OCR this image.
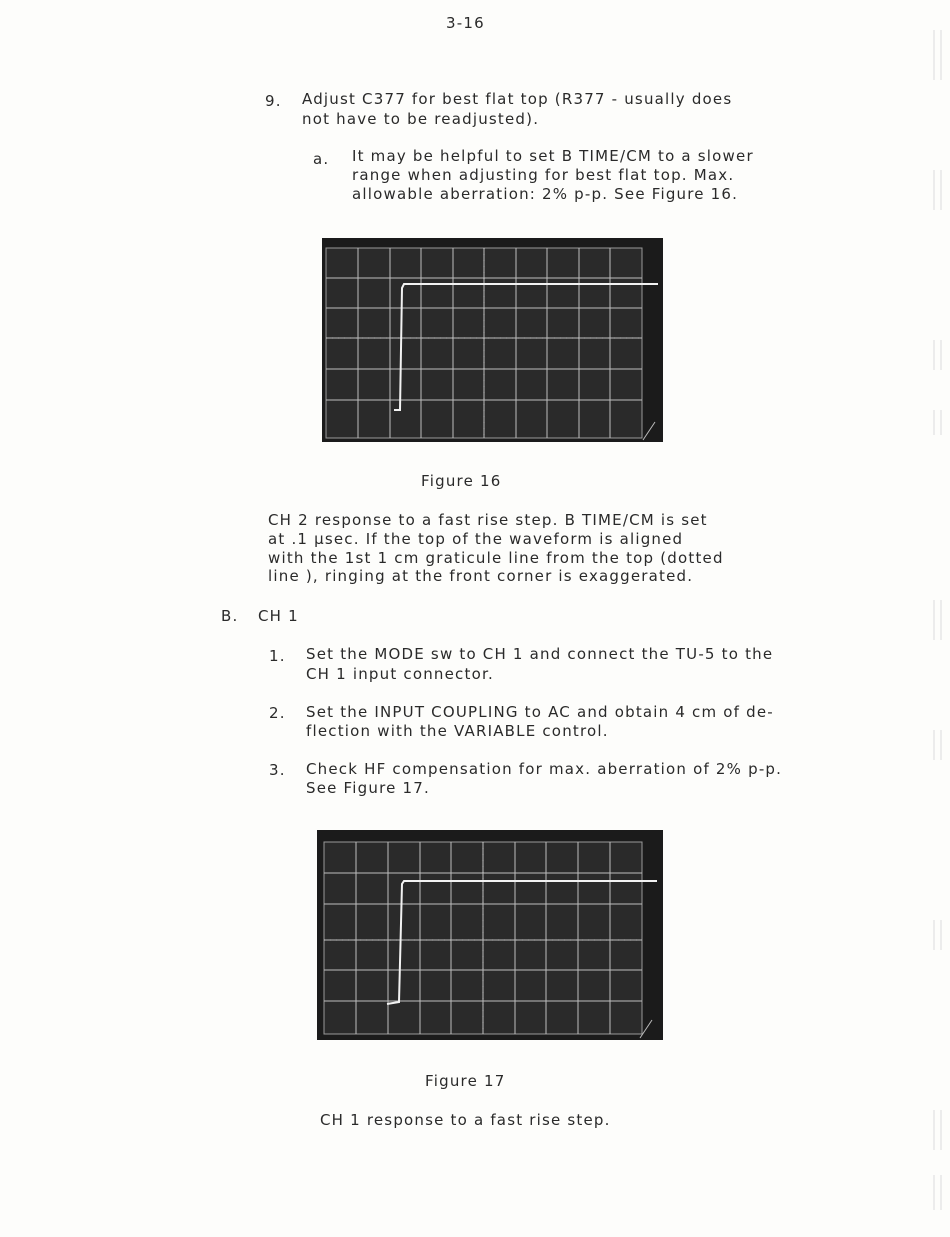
3-16
9. Adjust C377 for best flat top (R377 - usually does
not have to be readjusted).
a. It may be helpful to set B TIME/CM to a slower
range when adjusting for best flat top. Max.
allowable aberration: 2% p-p. See Figure 16.
Figure 16
CH 2 response to a fast rise step. B TIME/CM is set
at .1 µsec. If the top of the waveform is aligned
with the 1st 1 cm graticule line from the top (dotted
line ), ringing at the front corner is exaggerated.
B. CH 1
1. Set the MODE sw to CH 1 and connect the TU-5 to the
CH 1 input connector.
2. Set the INPUT COUPLING to AC and obtain 4 cm of de-
flection with the VARIABLE control.
3. Check HF compensation for max. aberration of 2% p-p.
See Figure 17.
Figure 17
CH 1 response to a fast rise step.
